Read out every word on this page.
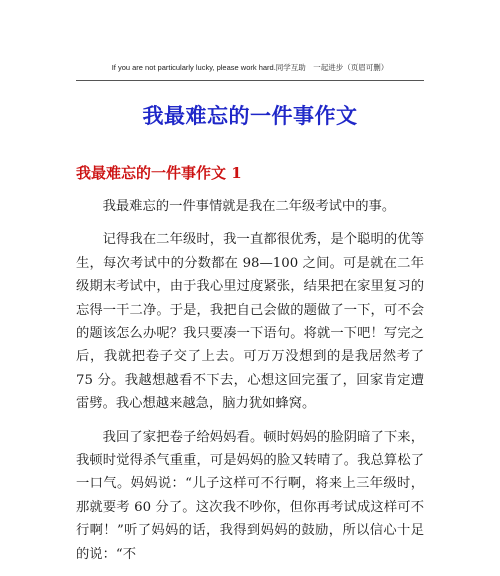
If you are not particularly lucky, please work hard.同学互助　一起进步（页眉可删）
我最难忘的一件事作文
我最难忘的一件事作文 1

我最难忘的一件事情就是我在二年级考试中的事。

记得我在二年级时，我一直都很优秀，是个聪明的优等生，每次考试中的分数都在 98—100 之间。可是就在二年级期末考试中，由于我心里过度紧张，结果把在家里复习的忘得一干二净。于是，我把自己会做的题做了一下，可不会的题该怎么办呢？我只要凑一下语句。将就一下吧！写完之后，我就把卷子交了上去。可万万没想到的是我居然考了 75 分。我越想越看不下去，心想这回完蛋了，回家肯定遭雷劈。我心想越来越急，脑力犹如蜂窝。

我回了家把卷子给妈妈看。顿时妈妈的脸阴暗了下来，我顿时觉得杀气重重，可是妈妈的脸又转晴了。我总算松了一口气。妈妈说：“儿子这样可不行啊，将来上三年级时，那就要考 60 分了。这次我不吵你，但你再考试成这样可不行啊！”听了妈妈的话，我得到妈妈的鼓励，所以信心十足的说：“不
